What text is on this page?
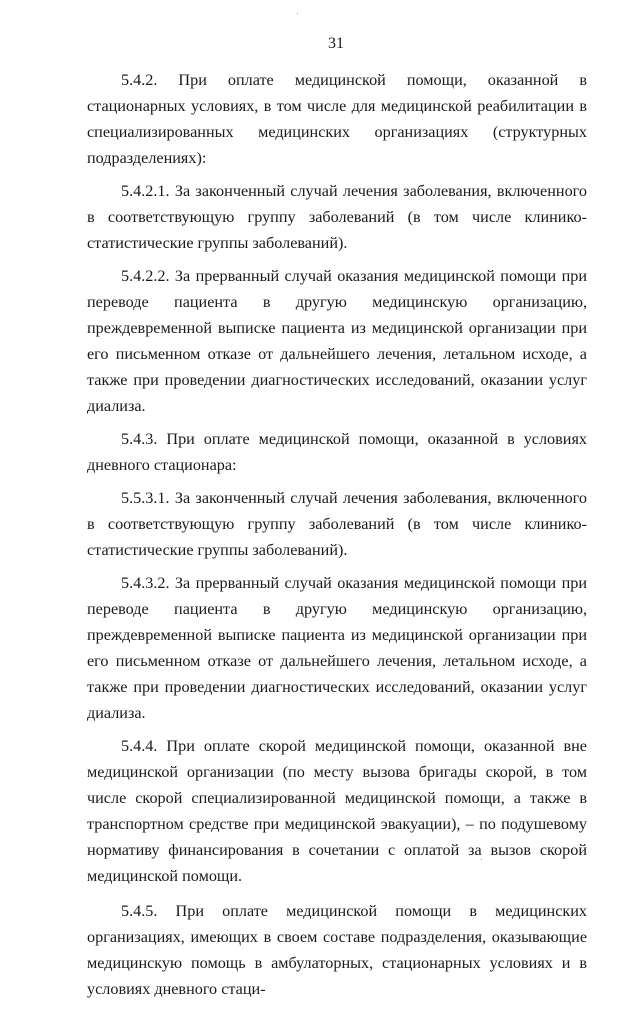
31

5.4.2. При оплате медицинской помощи, оказанной в стационарных условиях, в том числе для медицинской реабилитации в специализированных медицинских организациях (структурных подразделениях):

5.4.2.1. За законченный случай лечения заболевания, включенного в соответствующую группу заболеваний (в том числе клинико-статистические группы заболеваний).

5.4.2.2. За прерванный случай оказания медицинской помощи при переводе пациента в другую медицинскую организацию, преждевременной выписке пациента из медицинской организации при его письменном отказе от дальнейшего лечения, летальном исходе, а также при проведении диагностических исследований, оказании услуг диализа.

5.4.3. При оплате медицинской помощи, оказанной в условиях дневного стационара:

5.5.3.1. За законченный случай лечения заболевания, включенного в соответствующую группу заболеваний (в том числе клинико-статистические группы заболеваний).

5.4.3.2. За прерванный случай оказания медицинской помощи при переводе пациента в другую медицинскую организацию, преждевременной выписке пациента из медицинской организации при его письменном отказе от дальнейшего лечения, летальном исходе, а также при проведении диагностических исследований, оказании услуг диализа.

5.4.4. При оплате скорой медицинской помощи, оказанной вне медицинской организации (по месту вызова бригады скорой, в том числе скорой специализированной медицинской помощи, а также в транспортном средстве при медицинской эвакуации), – по подушевому нормативу финансирования в сочетании с оплатой за вызов скорой медицинской помощи.

5.4.5. При оплате медицинской помощи в медицинских организациях, имеющих в своем составе подразделения, оказывающие медицинскую помощь в амбулаторных, стационарных условиях и в условиях дневного стаци-
